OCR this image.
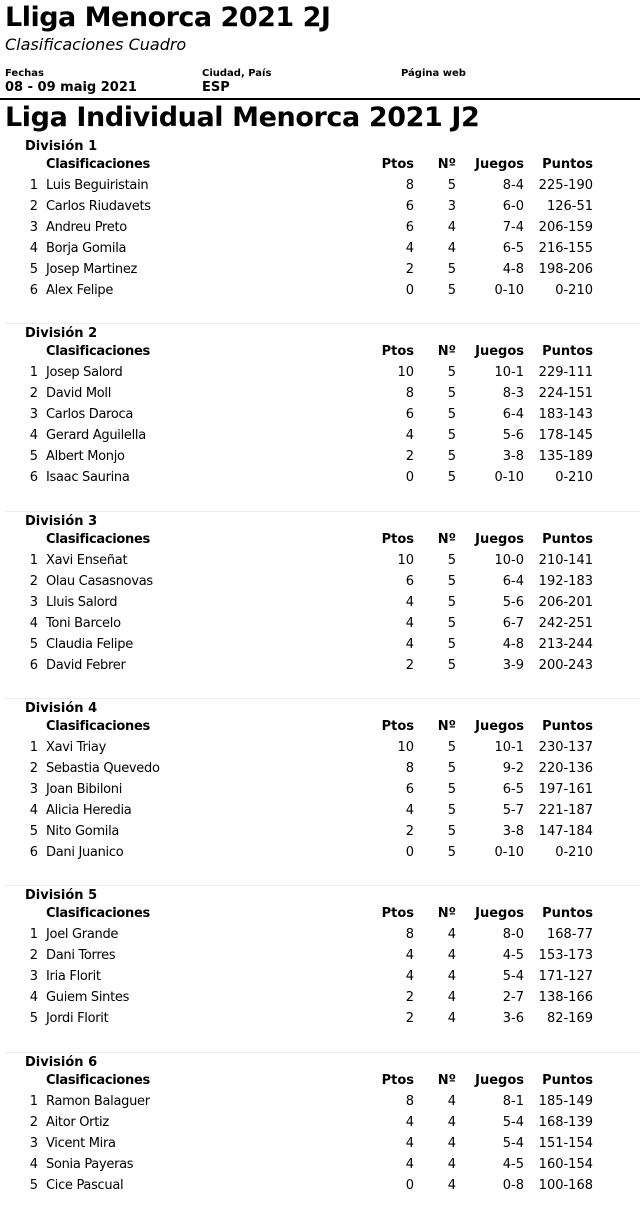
Lliga Menorca 2021 2J
Clasificaciones Cuadro
Fechas
08 - 09 maig 2021
Ciudad, País
ESP
Página web
Liga Individual Menorca 2021 J2
División 1
Clasificaciones	Ptos	Nº	Juegos	Puntos
1 Luis Beguiristain	8	5	8-4	225-190
2 Carlos Riudavets	6	3	6-0	126-51
3 Andreu Preto	6	4	7-4	206-159
4 Borja Gomila	4	4	6-5	216-155
5 Josep Martinez	2	5	4-8	198-206
6 Alex Felipe	0	5	0-10	0-210
División 2
Clasificaciones	Ptos	Nº	Juegos	Puntos
1 Josep Salord	10	5	10-1	229-111
2 David Moll	8	5	8-3	224-151
3 Carlos Daroca	6	5	6-4	183-143
4 Gerard Aguilella	4	5	5-6	178-145
5 Albert Monjo	2	5	3-8	135-189
6 Isaac Saurina	0	5	0-10	0-210
División 3
Clasificaciones	Ptos	Nº	Juegos	Puntos
1 Xavi Enseñat	10	5	10-0	210-141
2 Olau Casasnovas	6	5	6-4	192-183
3 Lluis Salord	4	5	5-6	206-201
4 Toni Barcelo	4	5	6-7	242-251
5 Claudia Felipe	4	5	4-8	213-244
6 David Febrer	2	5	3-9	200-243
División 4
Clasificaciones	Ptos	Nº	Juegos	Puntos
1 Xavi Triay	10	5	10-1	230-137
2 Sebastia Quevedo	8	5	9-2	220-136
3 Joan Bibiloni	6	5	6-5	197-161
4 Alicia Heredia	4	5	5-7	221-187
5 Nito Gomila	2	5	3-8	147-184
6 Dani Juanico	0	5	0-10	0-210
División 5
Clasificaciones	Ptos	Nº	Juegos	Puntos
1 Joel Grande	8	4	8-0	168-77
2 Dani Torres	4	4	4-5	153-173
3 Iria Florit	4	4	5-4	171-127
4 Guiem Sintes	2	4	2-7	138-166
5 Jordi Florit	2	4	3-6	82-169
División 6
Clasificaciones	Ptos	Nº	Juegos	Puntos
1 Ramon Balaguer	8	4	8-1	185-149
2 Aitor Ortiz	4	4	5-4	168-139
3 Vicent Mira	4	4	5-4	151-154
4 Sonia Payeras	4	4	4-5	160-154
5 Cice Pascual	0	4	0-8	100-168
